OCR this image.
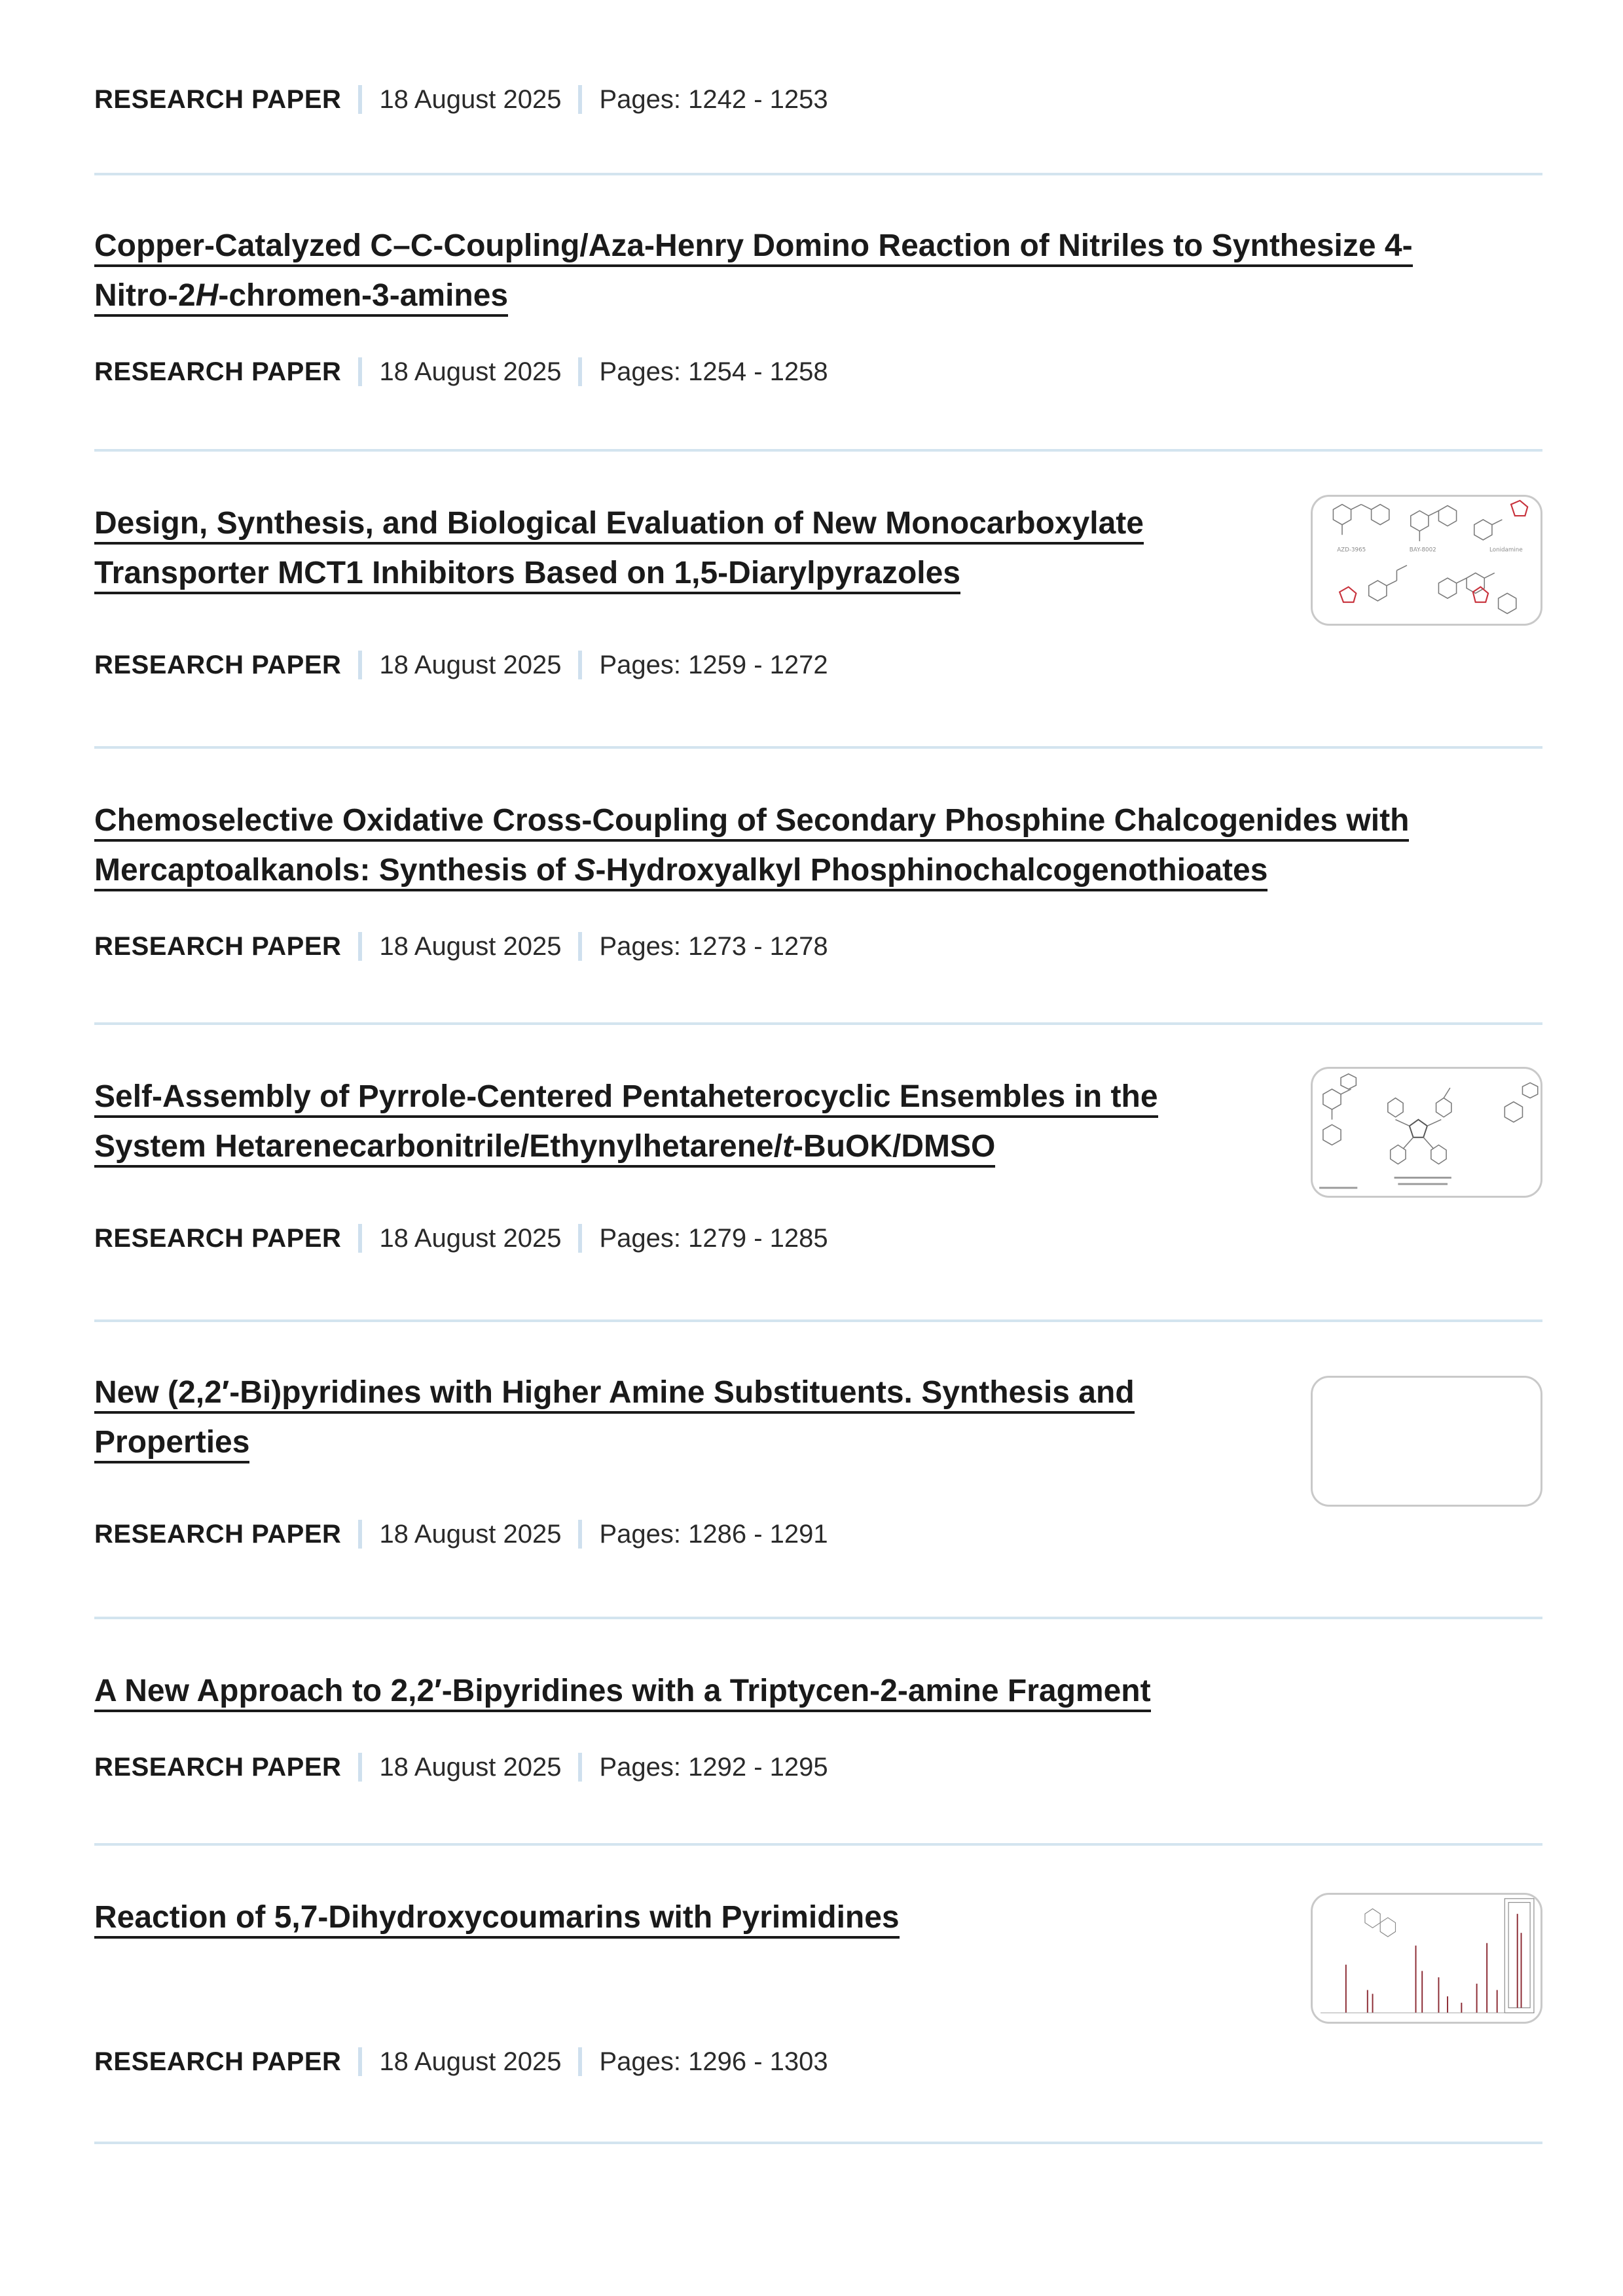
RESEARCH PAPER 18 August 2025 Pages: 1242 - 1253
Copper-Catalyzed C–C-Coupling/Aza-Henry Domino Reaction of Nitriles to Synthesize 4-
Nitro-2H-chromen-3-amines
RESEARCH PAPER 18 August 2025 Pages: 1254 - 1258
Design, Synthesis, and Biological Evaluation of New Monocarboxylate
Transporter MCT1 Inhibitors Based on 1,5-Diarylpyrazoles
RESEARCH PAPER 18 August 2025 Pages: 1259 - 1272
AZD-3965	BAY-8002	Lonidamine
Chemoselective Oxidative Cross-Coupling of Secondary Phosphine Chalcogenides with
Mercaptoalkanols: Synthesis of S-Hydroxyalkyl Phosphinochalcogenothioates
RESEARCH PAPER 18 August 2025 Pages: 1273 - 1278
Self-Assembly of Pyrrole-Centered Pentaheterocyclic Ensembles in the
System Hetarenecarbonitrile/Ethynylhetarene/t-BuOK/DMSO
RESEARCH PAPER 18 August 2025 Pages: 1279 - 1285
New (2,2′-Bi)pyridines with Higher Amine Substituents. Synthesis and
Properties
RESEARCH PAPER 18 August 2025 Pages: 1286 - 1291
A New Approach to 2,2′-Bipyridines with a Triptycen-2-amine Fragment
RESEARCH PAPER 18 August 2025 Pages: 1292 - 1295
Reaction of 5,7-Dihydroxycoumarins with Pyrimidines
RESEARCH PAPER 18 August 2025 Pages: 1296 - 1303
